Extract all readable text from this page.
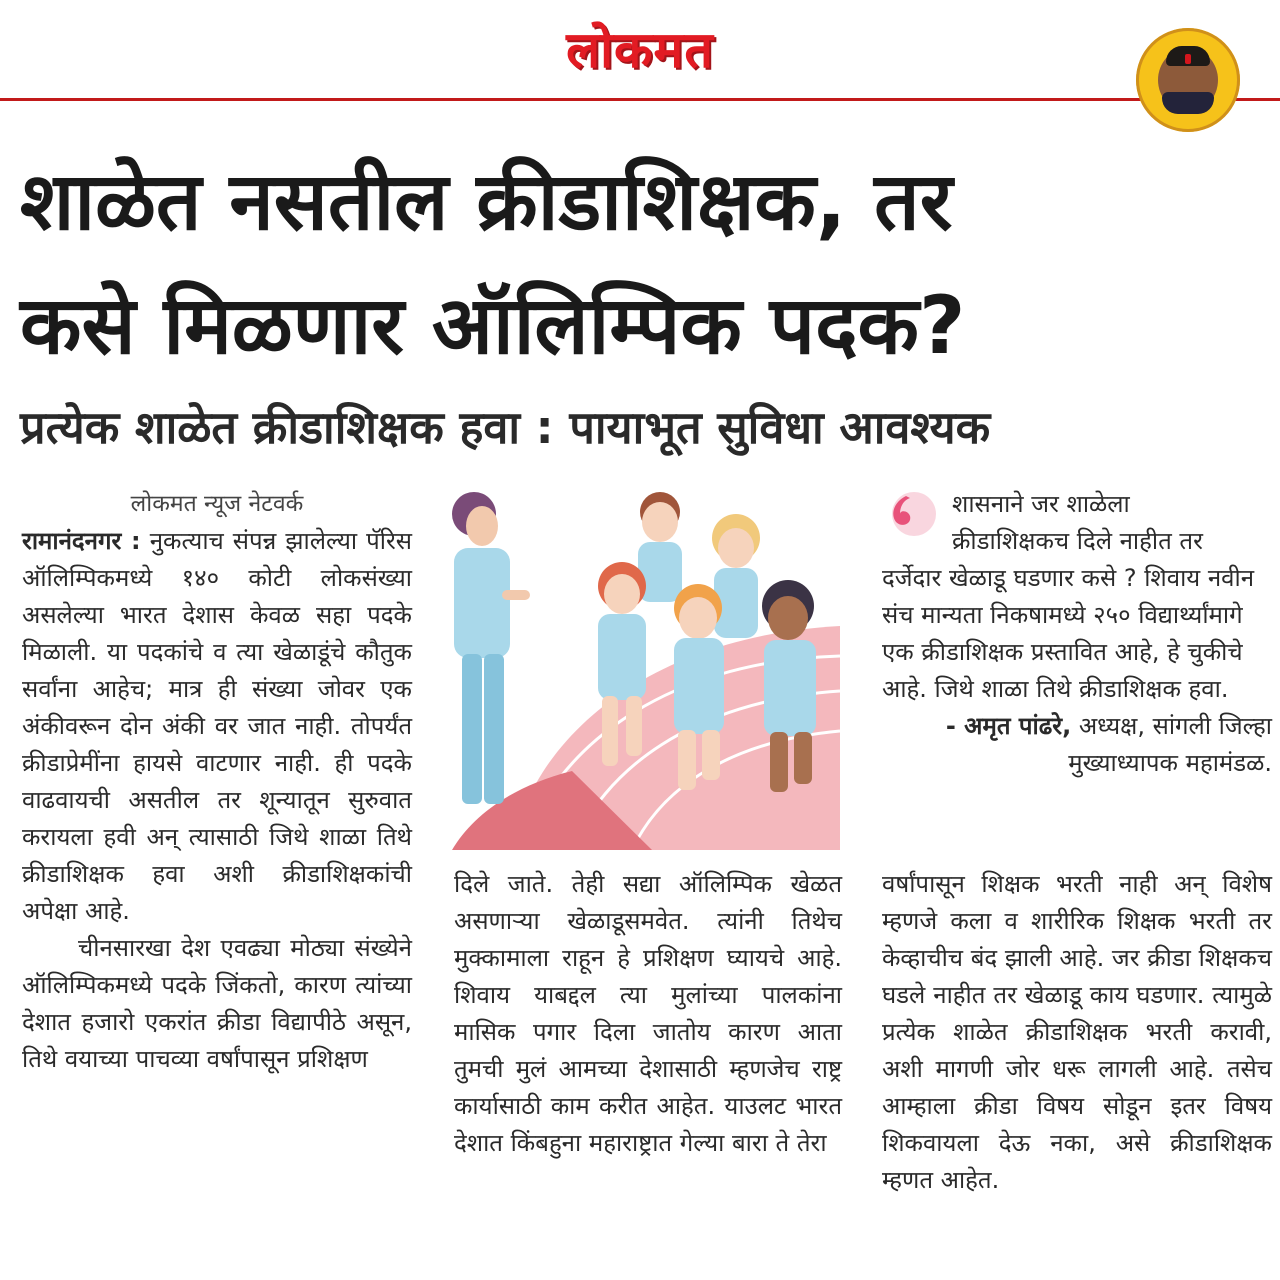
लोकमत
शाळेत नसतील क्रीडाशिक्षक, तर
कसे मिळणार ऑलिम्पिक पदक?
प्रत्येक शाळेत क्रीडाशिक्षक हवा : पायाभूत सुविधा आवश्यक

लोकमत न्यूज नेटवर्क

रामानंदनगर : नुकत्याच संपन्न झालेल्या पॅरिस ऑलिम्पिकमध्ये १४० कोटी लोकसंख्या असलेल्या भारत देशास केवळ सहा पदके मिळाली. या पदकांचे व त्या खेळाडूंचे कौतुक सर्वांना आहेच; मात्र ही संख्या जोवर एक अंकीवरून दोन अंकी वर जात नाही. तोपर्यंत क्रीडाप्रेमींना हायसे वाटणार नाही. ही पदके वाढवायची असतील तर शून्यातून सुरुवात करायला हवी अन् त्यासाठी जिथे शाळा तिथे क्रीडाशिक्षक हवा अशी क्रीडाशिक्षकांची अपेक्षा आहे.

चीनसारखा देश एवढ्या मोठ्या संख्येने ऑलिम्पिकमध्ये पदके जिंकतो, कारण त्यांच्या देशात हजारो एकरांत क्रीडा विद्यापीठे असून, तिथे वयाच्या पाचव्या वर्षांपासून प्रशिक्षण

शासनाने जर शाळेला

क्रीडाशिक्षकच दिले नाहीत तर

दर्जेदार खेळाडू घडणार कसे ? शिवाय नवीन संच मान्यता निकषामध्ये २५० विद्यार्थ्यांमागे एक क्रीडाशिक्षक प्रस्तावित आहे, हे चुकीचे आहे. जिथे शाळा तिथे क्रीडाशिक्षक हवा.

- अमृत पांढरे, अध्यक्ष, सांगली जिल्हा मुख्याध्यापक महामंडळ.

दिले जाते. तेही सद्या ऑलिम्पिक खेळत असणाऱ्या खेळाडूसमवेत. त्यांनी तिथेच मुक्कामाला राहून हे प्रशिक्षण घ्यायचे आहे. शिवाय याबद्दल त्या मुलांच्या पालकांना मासिक पगार दिला जातोय कारण आता तुमची मुलं आमच्या देशासाठी म्हणजेच राष्ट्र कार्यासाठी काम करीत आहेत. याउलट भारत देशात किंबहुना महाराष्ट्रात गेल्या बारा ते तेरा

वर्षांपासून शिक्षक भरती नाही अन् विशेष म्हणजे कला व शारीरिक शिक्षक भरती तर केव्हाचीच बंद झाली आहे. जर क्रीडा शिक्षकच घडले नाहीत तर खेळाडू काय घडणार. त्यामुळे प्रत्येक शाळेत क्रीडाशिक्षक भरती करावी, अशी मागणी जोर धरू लागली आहे. तसेच आम्हाला क्रीडा विषय सोडून इतर विषय शिकवायला देऊ नका, असे क्रीडाशिक्षक म्हणत आहेत.
